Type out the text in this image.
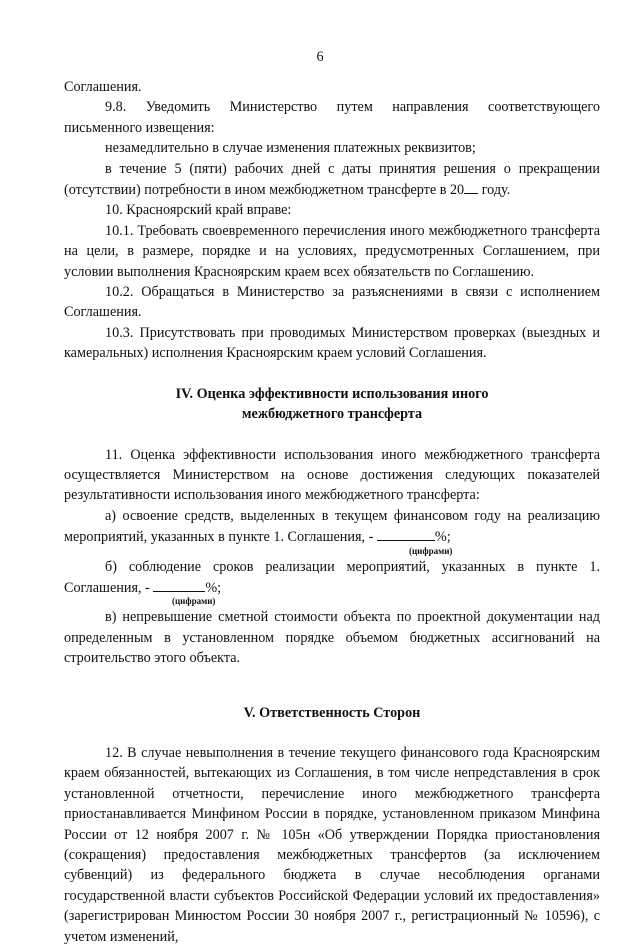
6

Соглашения.

9.8. Уведомить Министерство путем направления соответствующего письменного извещения:

незамедлительно в случае изменения платежных реквизитов;

в течение 5 (пяти) рабочих дней с даты принятия решения о прекращении (отсутствии) потребности в ином межбюджетном трансферте в 20 году.

10. Красноярский край вправе:

10.1. Требовать своевременного перечисления иного межбюджетного трансферта на цели, в размере, порядке и на условиях, предусмотренных Соглашением, при условии выполнения Красноярским краем всех обязательств по Соглашению.

10.2. Обращаться в Министерство за разъяснениями в связи с исполнением Соглашения.

10.3. Присутствовать при проводимых Министерством проверках (выездных и камеральных) исполнения Красноярским краем условий Соглашения.

IV. Оценка эффективности использования иного

межбюджетного трансферта

11. Оценка эффективности использования иного межбюджетного трансферта осуществляется Министерством на основе достижения следующих показателей результативности использования иного межбюджетного трансферта:

а) освоение средств, выделенных в текущем финансовом году на реализацию мероприятий, указанных в пункте 1. Соглашения, -	%;

(цифрами)

б) соблюдение сроков реализации мероприятий, указанных в пункте 1. Соглашения, -	%;

(цифрами)

в) непревышение сметной стоимости объекта по проектной документации над определенным в установленном порядке объемом бюджетных ассигнований на строительство этого объекта.

V. Ответственность Сторон

12. В случае невыполнения в течение текущего финансового года Красноярским краем обязанностей, вытекающих из Соглашения, в том числе непредставления в срок установленной отчетности, перечисление иного межбюджетного трансферта приостанавливается Минфином России в порядке, установленном приказом Минфина России от 12 ноября 2007 г. № 105н «Об утверждении Порядка приостановления (сокращения) предоставления межбюджетных трансфертов (за исключением субвенций) из федерального бюджета в случае несоблюдения органами государственной власти субъектов Российской Федерации условий их предоставления» (зарегистрирован Минюстом России 30 ноября 2007 г., регистрационный № 10596), с учетом изменений,
